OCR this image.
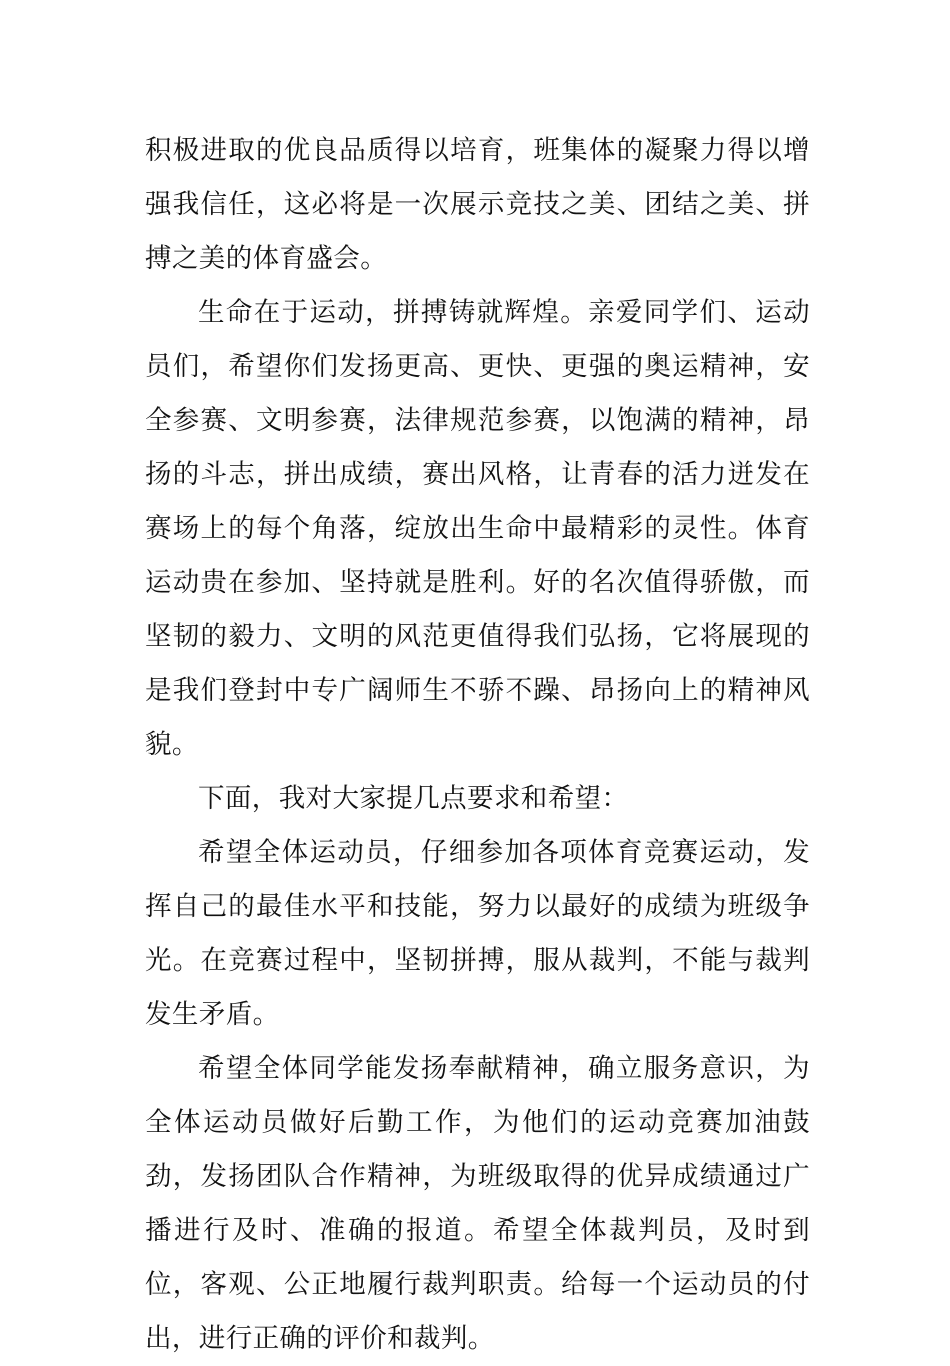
积极进取的优良品质得以培育，班集体的凝聚力得以增强我信任，这必将是一次展示竞技之美、团结之美、拼搏之美的体育盛会。

生命在于运动，拼搏铸就辉煌。亲爱同学们、运动员们，希望你们发扬更高、更快、更强的奥运精神，安全参赛、文明参赛，法律规范参赛，以饱满的精神，昂扬的斗志，拼出成绩，赛出风格，让青春的活力迸发在赛场上的每个角落，绽放出生命中最精彩的灵性。体育运动贵在参加、坚持就是胜利。好的名次值得骄傲，而坚韧的毅力、文明的风范更值得我们弘扬，它将展现的是我们登封中专广阔师生不骄不躁、昂扬向上的精神风貌。

下面，我对大家提几点要求和希望：

希望全体运动员，仔细参加各项体育竞赛运动，发挥自己的最佳水平和技能，努力以最好的成绩为班级争光。在竞赛过程中，坚韧拼搏，服从裁判，不能与裁判发生矛盾。

希望全体同学能发扬奉献精神，确立服务意识，为全体运动员做好后勤工作，为他们的运动竞赛加油鼓劲，发扬团队合作精神，为班级取得的优异成绩通过广播进行及时、准确的报道。希望全体裁判员，及时到位，客观、公正地履行裁判职责。给每一个运动员的付出，进行正确的评价和裁判。
